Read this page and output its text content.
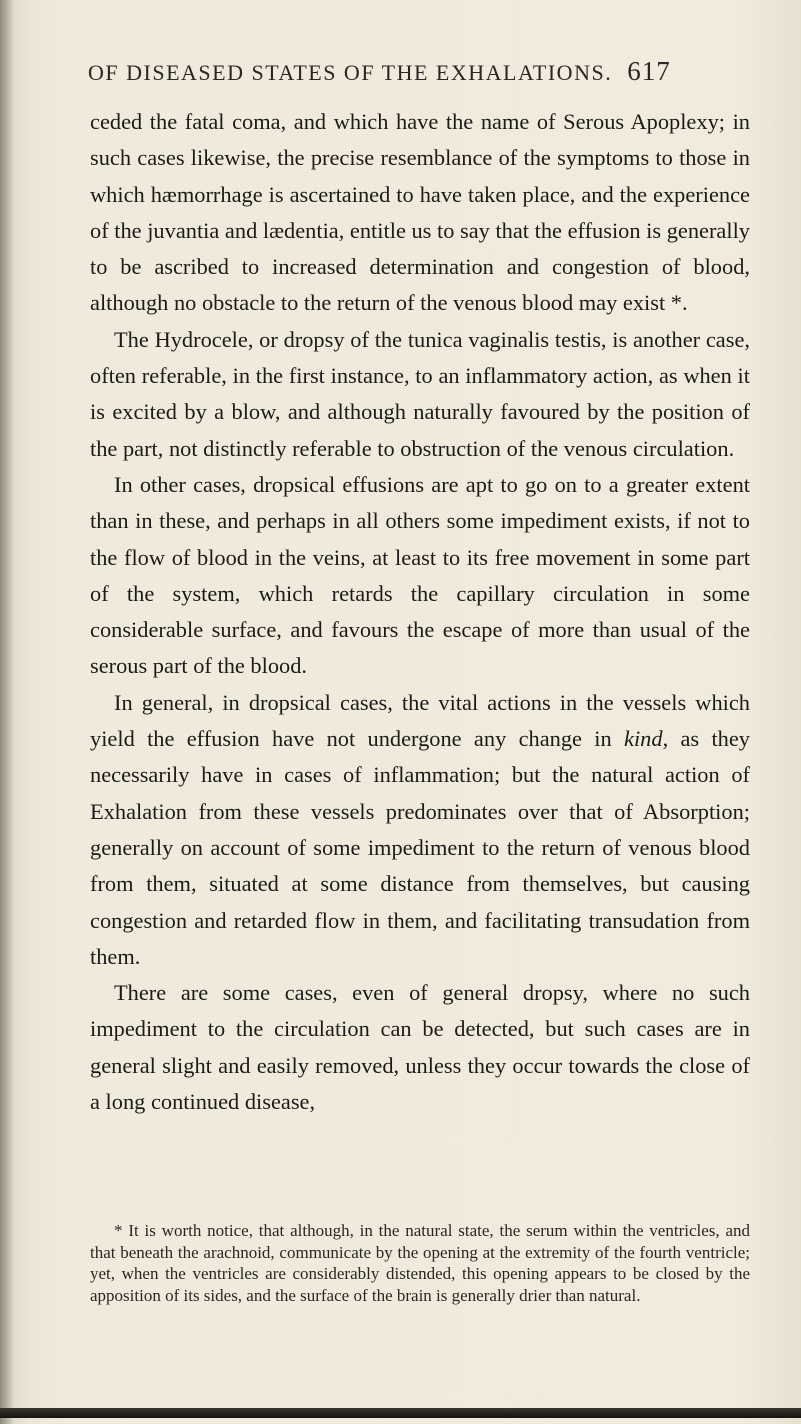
OF DISEASED STATES OF THE EXHALATIONS. 617

ceded the fatal coma, and which have the name of Serous Apoplexy; in such cases likewise, the precise resemblance of the symptoms to those in which hæmorrhage is ascertained to have taken place, and the experience of the juvantia and lædentia, entitle us to say that the effusion is generally to be ascribed to increased determination and congestion of blood, although no obstacle to the return of the venous blood may exist *.

The Hydrocele, or dropsy of the tunica vaginalis testis, is another case, often referable, in the first instance, to an inflammatory action, as when it is excited by a blow, and although naturally favoured by the position of the part, not distinctly referable to obstruction of the venous circulation.

In other cases, dropsical effusions are apt to go on to a greater extent than in these, and perhaps in all others some impediment exists, if not to the flow of blood in the veins, at least to its free movement in some part of the system, which retards the capillary circulation in some considerable surface, and favours the escape of more than usual of the serous part of the blood.

In general, in dropsical cases, the vital actions in the vessels which yield the effusion have not undergone any change in kind, as they necessarily have in cases of inflammation; but the natural action of Exhalation from these vessels predominates over that of Absorption; generally on account of some impediment to the return of venous blood from them, situated at some distance from themselves, but causing congestion and retarded flow in them, and facilitating transudation from them.

There are some cases, even of general dropsy, where no such impediment to the circulation can be detected, but such cases are in general slight and easily removed, unless they occur towards the close of a long continued disease,

* It is worth notice, that although, in the natural state, the serum within the ventricles, and that beneath the arachnoid, communicate by the opening at the extremity of the fourth ventricle; yet, when the ventricles are considerably distended, this opening appears to be closed by the apposition of its sides, and the surface of the brain is generally drier than natural.
